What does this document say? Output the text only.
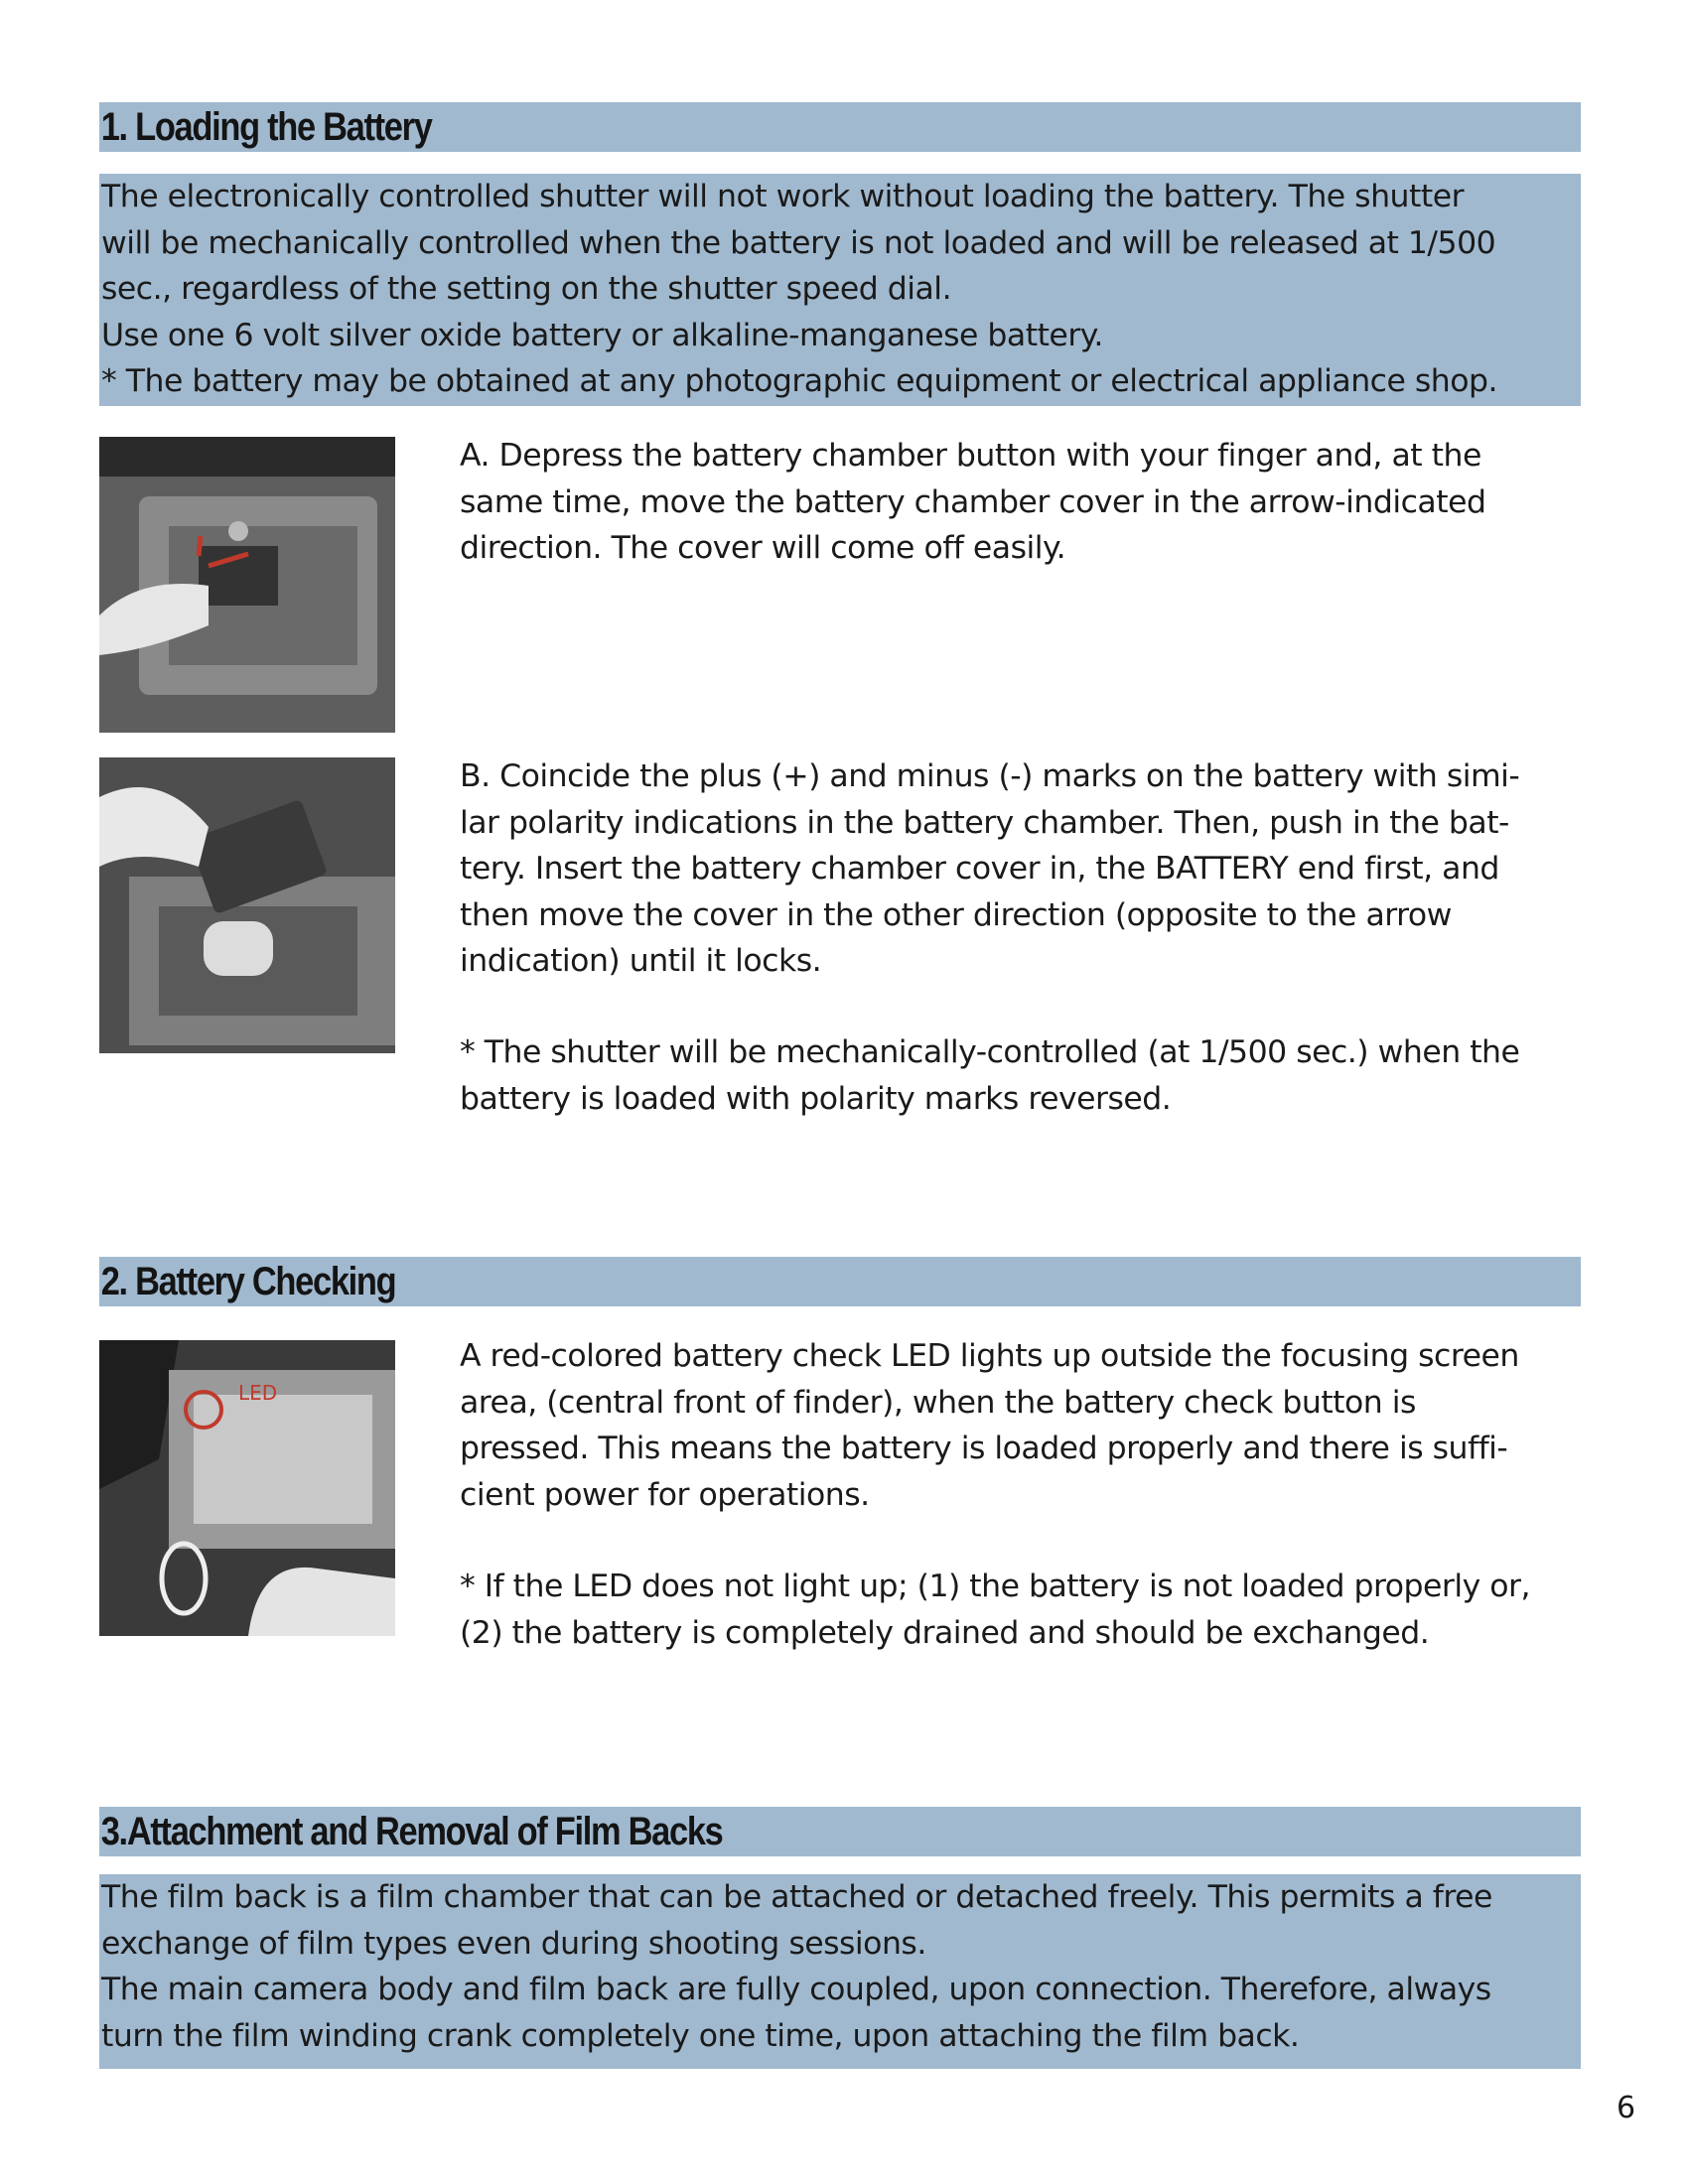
1. Loading the Battery

The electronically controlled shutter will not work without loading the battery. The shutter

will be mechanically controlled when the battery is not loaded and will be released at 1/500

sec., regardless of the setting on the shutter speed dial.

Use one 6 volt silver oxide battery or alkaline-manganese battery.

* The battery may be obtained at any photographic equipment or electrical appliance shop.

A. Depress the battery chamber button with your finger and, at the

same time, move the battery chamber cover in the arrow-indicated

direction. The cover will come off easily.

B. Coincide the plus (+) and minus (-) marks on the battery with simi-

lar polarity indications in the battery chamber. Then, push in the bat-

tery. Insert the battery chamber cover in, the BATTERY end first, and

then move the cover in the other direction (opposite to the arrow

indication) until it locks.

* The shutter will be mechanically-controlled (at 1/500 sec.) when the

battery is loaded with polarity marks reversed.

2. Battery Checking
LED

A red-colored battery check LED lights up outside the focusing screen

area, (central front of finder), when the battery check button is

pressed. This means the battery is loaded properly and there is suffi-

cient power for operations.

* If the LED does not light up; (1) the battery is not loaded properly or,

(2) the battery is completely drained and should be exchanged.

3.Attachment and Removal of Film Backs

The film back is a film chamber that can be attached or detached freely. This permits a free

exchange of film types even during shooting sessions.

The main camera body and film back are fully coupled, upon connection. Therefore, always

turn the film winding crank completely one time, upon attaching the film back.

6
